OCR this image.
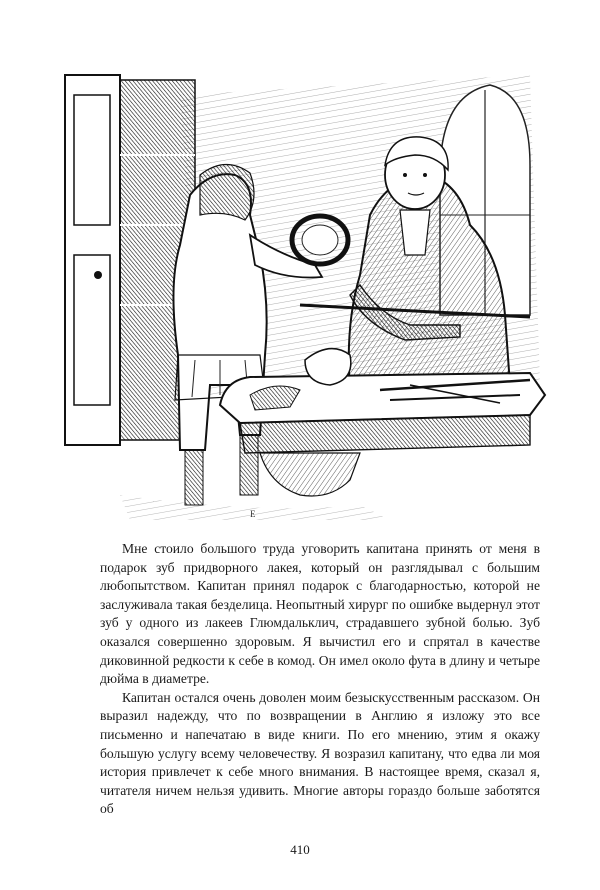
E

Мне стоило большого труда уговорить капитана принять от меня в подарок зуб придворного лакея, который он разглядывал с большим любопытством. Капитан принял подарок с благодарностью, которой не заслуживала такая безделица. Неопытный хирург по ошибке выдернул этот зуб у одного из лакеев Глюмдальклич, страдавшего зубной болью. Зуб оказался совершенно здоровым. Я вычистил его и спрятал в качестве диковинной редкости к себе в комод. Он имел около фута в длину и четыре дюйма в диаметре.

Капитан остался очень доволен моим безыскусственным рассказом. Он выразил надежду, что по возвращении в Англию я изложу это все письменно и напечатаю в виде книги. По его мнению, этим я окажу большую услугу всему человечеству. Я возразил капитану, что едва ли моя история привлечет к себе много внимания. В настоящее время, сказал я, читателя ничем нельзя удивить. Многие авторы гораздо больше заботятся об

410
